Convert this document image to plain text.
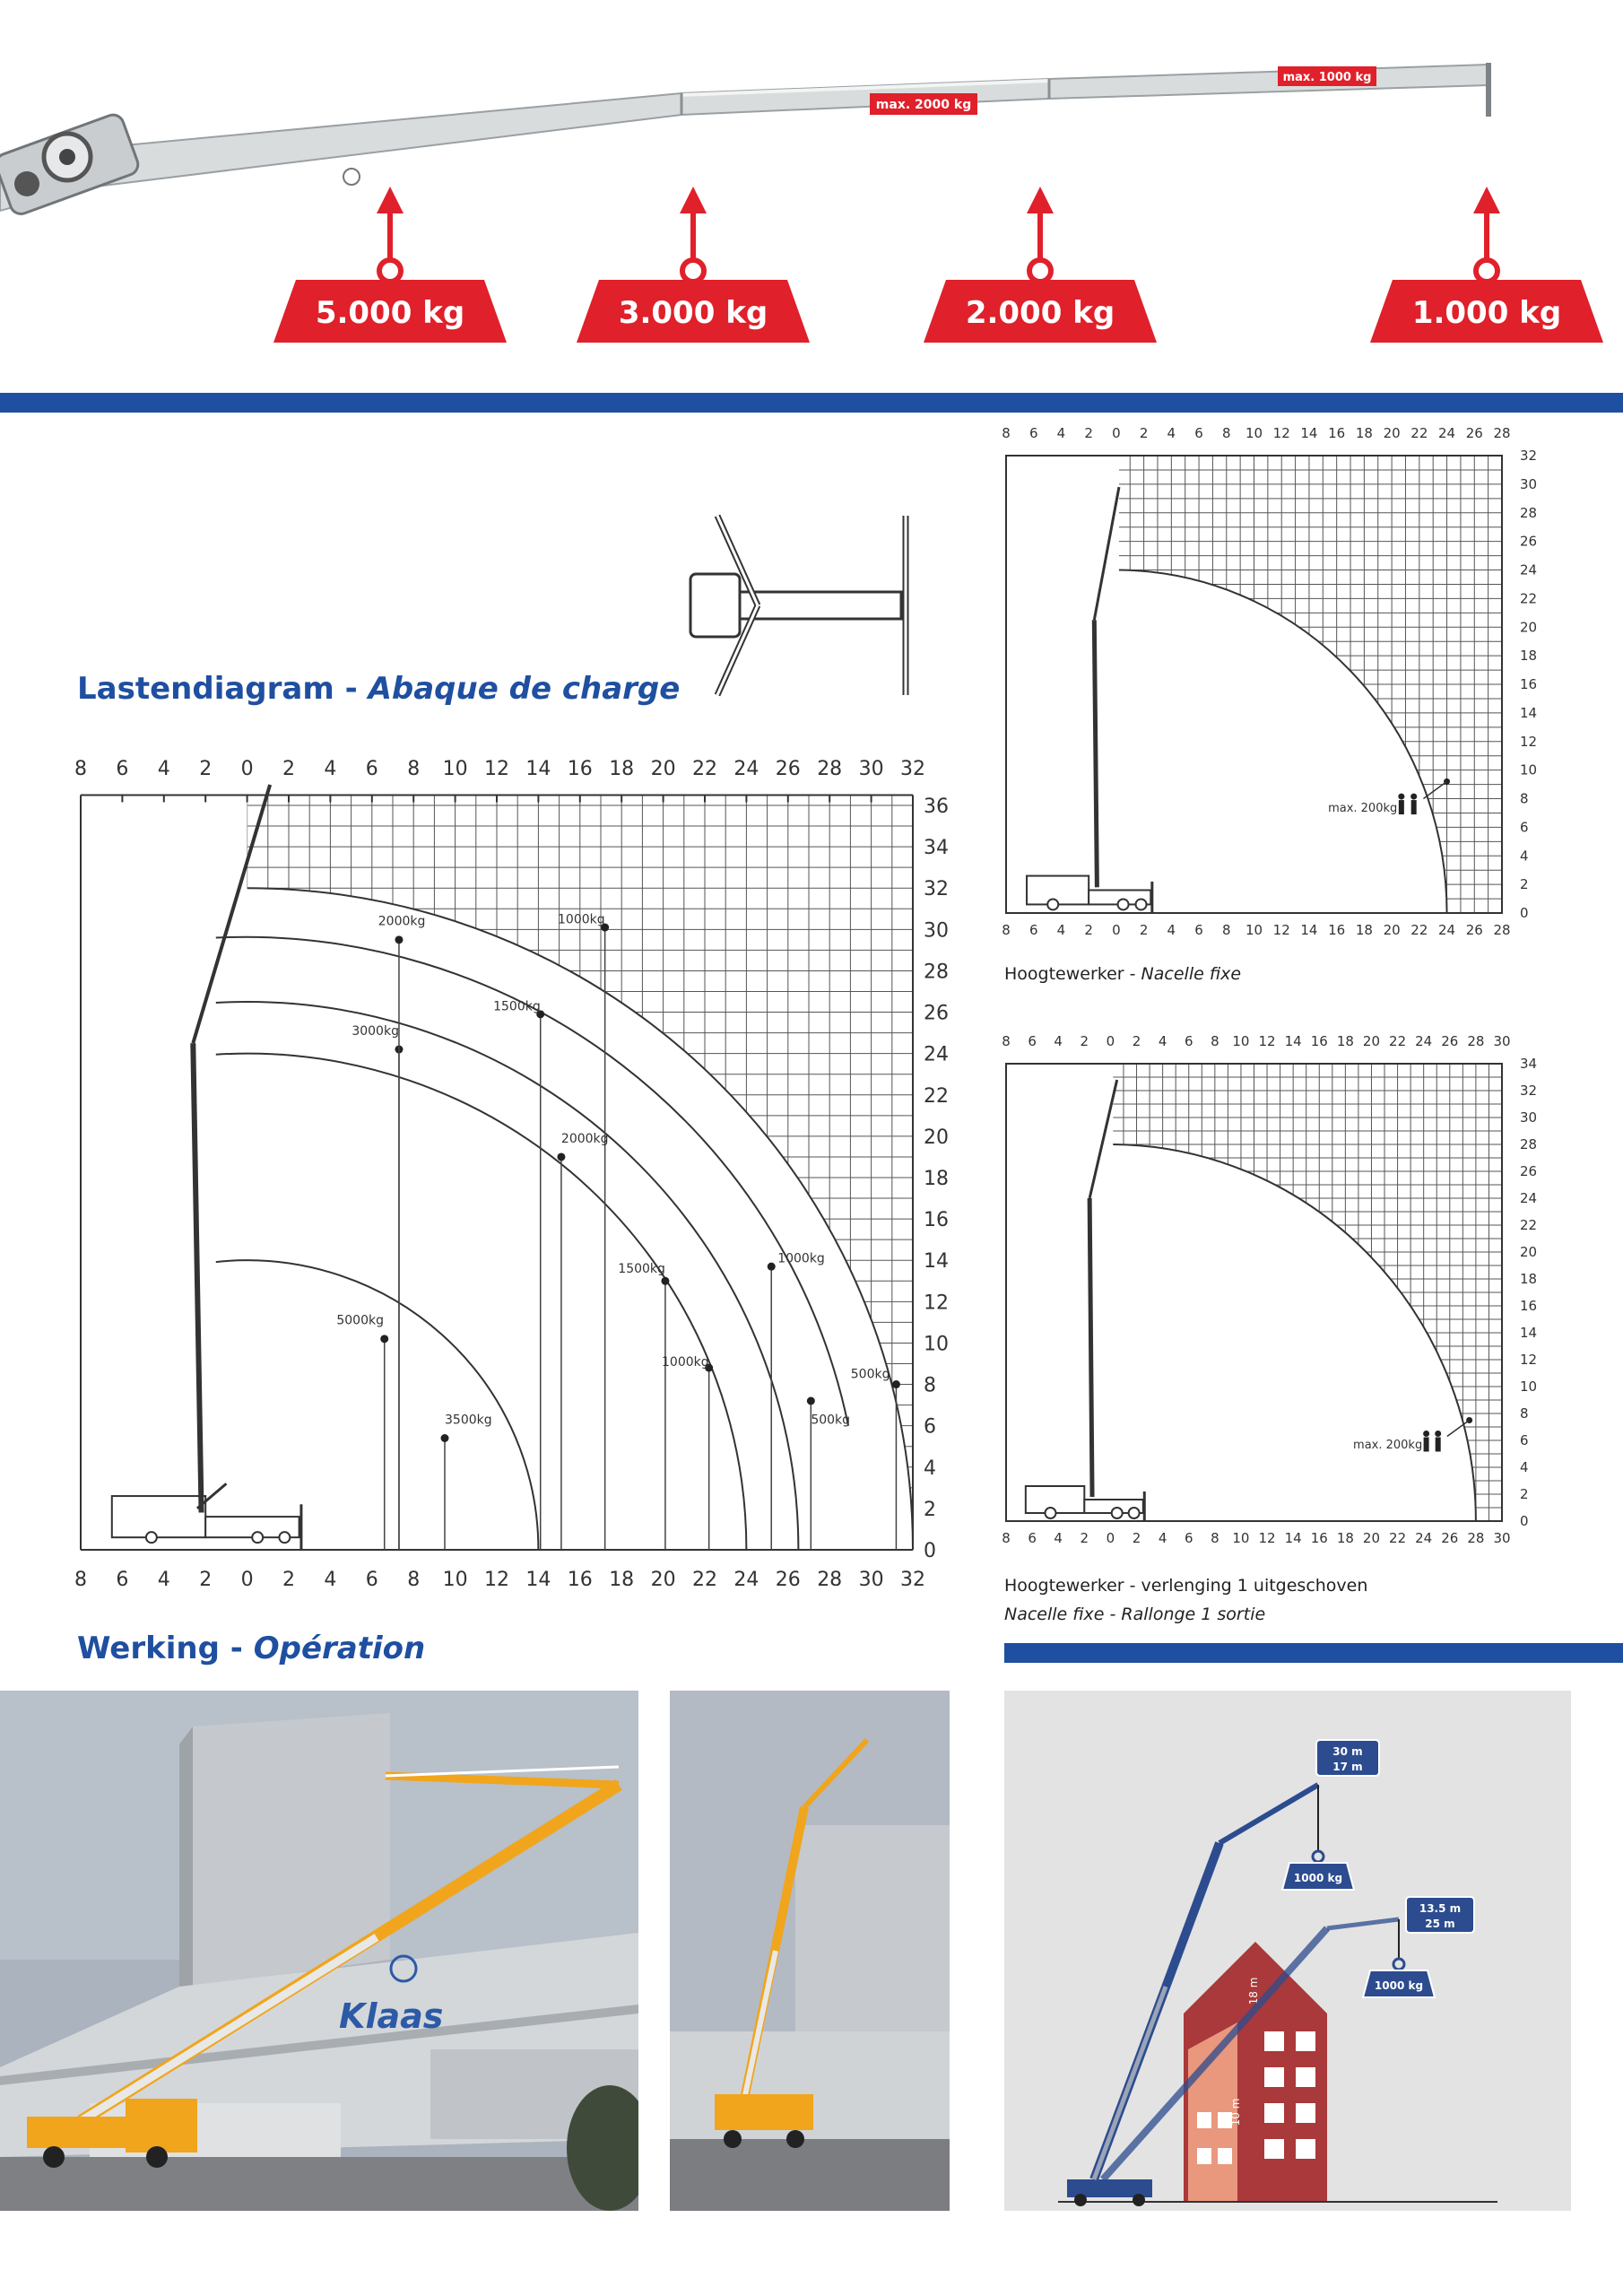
max. 2000 kg
max. 1000 kg
5.000 kg	3.000 kg	2.000 kg	1.000 kg
Lastendiagram - Abaque de charge
8
8
6
6
4
4
2
2
0
0
2
2
4
4
6
6
8
8
10
10
12
12
14
14
16
16
18
18
20
20
22
22
24
24
26
26
28
28
30
30
32
32
36
34
32
30
28
26
24
22
20
18
16
14
12
10
8
6
4
2
0
5000kg
3500kg
3000kg
2000kg
1500kg
1000kg
2000kg
1500kg
1000kg
1000kg
500kg
500kg
8
8
6
6
4
4
2
2
0
0
2
2
4
4
6
6
8
8
10
10
12
12
14
14
16
16
18
18
20
20
22
22
24
24
26
26
28
28
32
30
28
26
24
22
20
18
16
14
12
10
8
6
4
2
0
max. 200kg
Hoogtewerker - Nacelle fixe
8
8
6
6
4
4
2
2
0
0
2
2
4
4
6
6
8
8
10
10
12
12
14
14
16
16
18
18
20
20
22
22
24
24
26
26
28
28
30
30
34
32
30
28
26
24
22
20
18
16
14
12
10
8
6
4
2
0
max. 200kg
Hoogtewerker - verlenging 1 uitgeschoven
Nacelle fixe - Rallonge 1 sortie
Werking - Opération
Klaas
18 m
10 m
30 m
17 m
1000 kg
13.5 m
25 m
1000 kg
